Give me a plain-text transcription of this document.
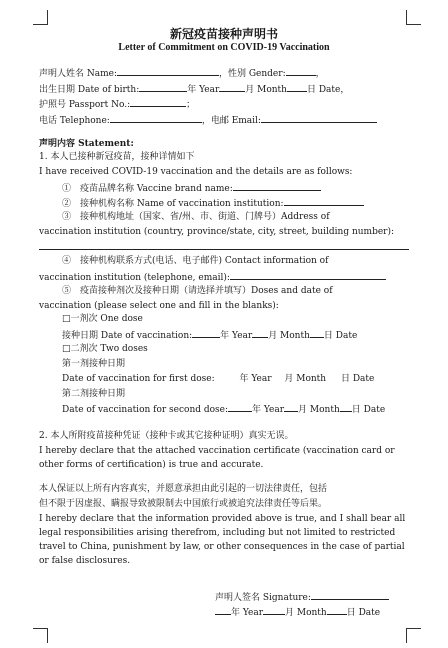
新冠疫苗接种声明书
Letter of Commitment on COVID-19 Vaccination
声明人姓名 Name:	，性别 Gender:	，
出生日期 Date of birth:	年 Year	月 Month 日 Date，
护照号 Passport No.:	；
电话 Telephone:	，电邮 Email:
声明内容 Statement:
1. 本人已接种新冠疫苗，接种详情如下
I have received COVID-19 vaccination and the details are as follows:
①　疫苗品牌名称 Vaccine brand name:
②　接种机构名称 Name of vaccination institution:
③　接种机构地址（国家、省/州、市、街道、门牌号）Address of
vaccination institution (country, province/state, city, street, building number):
④　接种机构联系方式(电话、电子邮件) Contact information of
vaccination institution (telephone, email):
⑤　疫苗接种剂次及接种日期（请选择并填写）Doses and date of
vaccination (please select one and fill in the blanks):
□一剂次 One dose
接种日期 Date of vaccination:	年 Year 月 Month 日 Date
□二剂次 Two doses
第一剂接种日期
Date of vaccination for first dose:	年 Year 月 Month 日 Date
第二剂接种日期
Date of vaccination for second dose:	年 Year 月 Month 日 Date
2. 本人所附疫苗接种凭证（接种卡或其它接种证明）真实无误。
I hereby declare that the attached vaccination certificate (vaccination card or
other forms of certification) is true and accurate.
本人保证以上所有内容真实，并愿意承担由此引起的一切法律责任，包括
但不限于因虚报、瞒报导致被限制去中国旅行或被追究法律责任等后果。
I hereby declare that the information provided above is true, and I shall bear all
legal responsibilities arising therefrom, including but not limited to restricted
travel to China, punishment by law, or other consequences in the case of partial
or false disclosures.
声明人签名 Signature:
年 Year 月 Month 日 Date
